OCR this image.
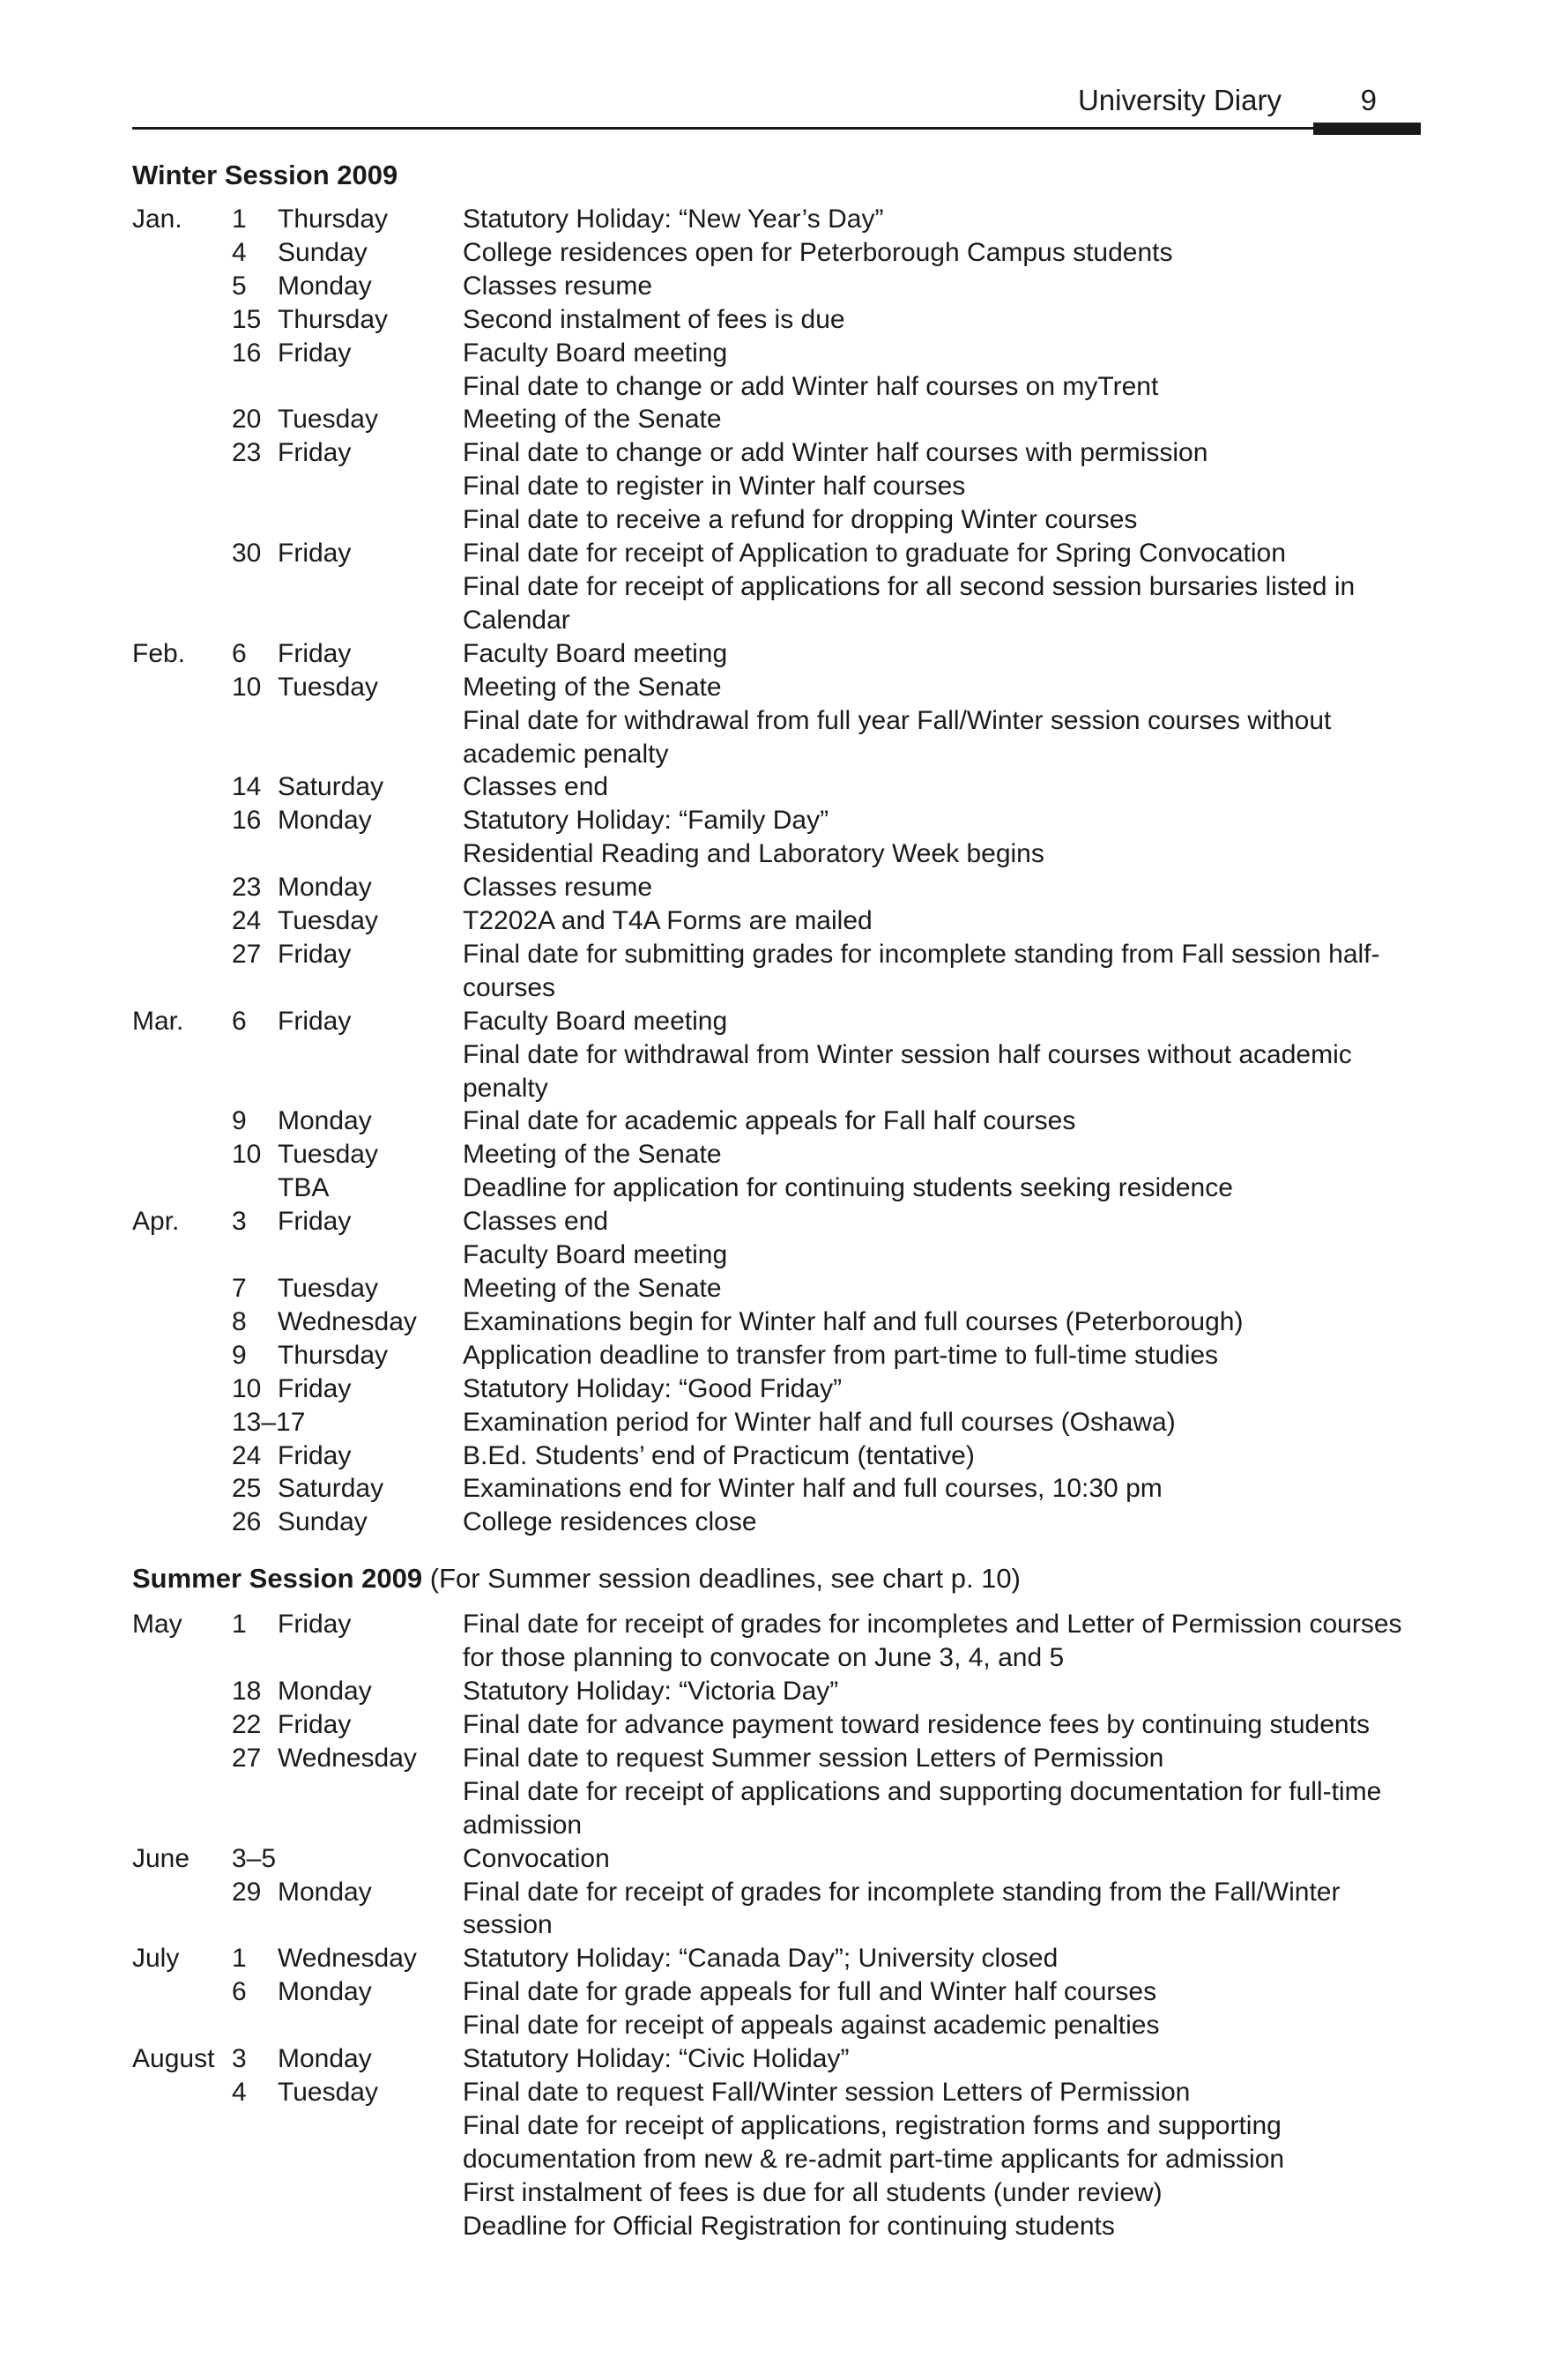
University Diary	9
Winter Session 2009
Jan.	1	Thursday	Statutory Holiday: “New Year’s Day”
4	Sunday	College residences open for Peterborough Campus students
5	Monday	Classes resume
15 Thursday	Second instalment of fees is due
16 Friday	Faculty Board meeting
Final date to change or add Winter half courses on myTrent
20 Tuesday	Meeting of the Senate
23 Friday	Final date to change or add Winter half courses with permission
Final date to register in Winter half courses
Final date to receive a refund for dropping Winter courses
30 Friday	Final date for receipt of Application to graduate for Spring Convocation
Final date for receipt of applications for all second session bursaries listed in Calendar
Feb.	6	Friday	Faculty Board meeting
10 Tuesday	Meeting of the Senate
Final date for withdrawal from full year Fall/Winter session courses without academic penalty
14 Saturday	Classes end
16 Monday	Statutory Holiday: “Family Day”
Residential Reading and Laboratory Week begins
23 Monday	Classes resume
24 Tuesday	T2202A and T4A Forms are mailed
27 Friday	Final date for submitting grades for incomplete standing from Fall session half-courses
Mar.	6	Friday	Faculty Board meeting
Final date for withdrawal from Winter session half courses without academic penalty
9	Monday	Final date for academic appeals for Fall half courses
10 Tuesday	Meeting of the Senate
TBA	Deadline for application for continuing students seeking residence
Apr.	3	Friday	Classes end
Faculty Board meeting
7	Tuesday	Meeting of the Senate
8	Wednesday	Examinations begin for Winter half and full courses (Peterborough)
9	Thursday	Application deadline to transfer from part-time to full-time studies
10 Friday	Statutory Holiday: “Good Friday”
13–17	Examination period for Winter half and full courses (Oshawa)
24 Friday	B.Ed. Students’ end of Practicum (tentative)
25 Saturday	Examinations end for Winter half and full courses, 10:30 pm
26 Sunday	College residences close
Summer Session 2009 (For Summer session deadlines, see chart p. 10)
May	1	Friday	Final date for receipt of grades for incompletes and Letter of Permission courses for those planning to convocate on June 3, 4, and 5
18 Monday	Statutory Holiday: “Victoria Day”
22 Friday	Final date for advance payment toward residence fees by continuing students
27 Wednesday	Final date to request Summer session Letters of Permission
Final date for receipt of applications and supporting documentation for full-time admission
June	3–5	Convocation
29 Monday	Final date for receipt of grades for incomplete standing from the Fall/Winter session
July	1	Wednesday	Statutory Holiday: “Canada Day”; University closed
6	Monday	Final date for grade appeals for full and Winter half courses
Final date for receipt of appeals against academic penalties
August 3	Monday	Statutory Holiday: “Civic Holiday”
4	Tuesday	Final date to request Fall/Winter session Letters of Permission
Final date for receipt of applications, registration forms and supporting documentation from new & re-admit part-time applicants for admission
First instalment of fees is due for all students (under review)
Deadline for Official Registration for continuing students
